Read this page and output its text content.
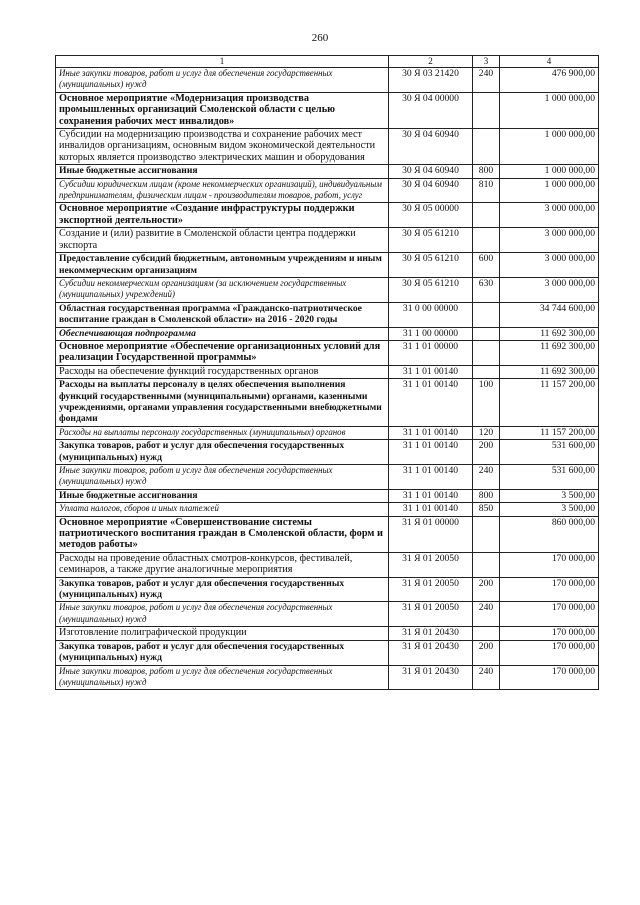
260
1	2	3	4
Иные закупки товаров, работ и услуг для обеспечения государственных (муниципальных) нужд	30 Я 03 21420	240	476 900,00
Основное мероприятие «Модернизация производства промышленных организаций Смоленской области с целью сохранения рабочих мест инвалидов»	30 Я 04 00000		1 000 000,00
Субсидии на модернизацию производства и сохранение рабочих мест инвалидов организациям, основным видом экономической деятельности которых является производство электрических машин и оборудования	30 Я 04 60940		1 000 000,00
Иные бюджетные ассигнования	30 Я 04 60940	800	1 000 000,00
Субсидии юридическим лицам (кроме некоммерческих организаций), индивидуальным предпринимателям, физическим лицам - производителям товаров, работ, услуг	30 Я 04 60940	810	1 000 000,00
Основное мероприятие «Создание инфраструктуры поддержки экспортной деятельности»	30 Я 05 00000		3 000 000,00
Создание и (или) развитие в Смоленской области центра поддержки экспорта	30 Я 05 61210		3 000 000,00
Предоставление субсидий бюджетным, автономным учреждениям и иным некоммерческим организациям	30 Я 05 61210	600	3 000 000,00
Субсидии некоммерческим организациям (за исключением государственных (муниципальных) учреждений)	30 Я 05 61210	630	3 000 000,00
Областная государственная программа «Гражданско-патриотическое воспитание граждан в Смоленской области» на 2016 - 2020 годы	31 0 00 00000		34 744 600,00
Обеспечивающая подпрограмма	31 1 00 00000		11 692 300,00
Основное мероприятие «Обеспечение организационных условий для реализации Государственной программы»	31 1 01 00000		11 692 300,00
Расходы на обеспечение функций государственных органов	31 1 01 00140		11 692 300,00
Расходы на выплаты персоналу в целях обеспечения выполнения функций государственными (муниципальными) органами, казенными учреждениями, органами управления государственными внебюджетными фондами	31 1 01 00140	100	11 157 200,00
Расходы на выплаты персоналу государственных (муниципальных) органов	31 1 01 00140	120	11 157 200,00
Закупка товаров, работ и услуг для обеспечения государственных (муниципальных) нужд	31 1 01 00140	200	531 600,00
Иные закупки товаров, работ и услуг для обеспечения государственных (муниципальных) нужд	31 1 01 00140	240	531 600,00
Иные бюджетные ассигнования	31 1 01 00140	800	3 500,00
Уплата налогов, сборов и иных платежей	31 1 01 00140	850	3 500,00
Основное мероприятие «Совершенствование системы патриотического воспитания граждан в Смоленской области, форм и методов работы»	31 Я 01 00000		860 000,00
Расходы на проведение областных смотров-конкурсов, фестивалей, семинаров, а также другие аналогичные мероприятия	31 Я 01 20050		170 000,00
Закупка товаров, работ и услуг для обеспечения государственных (муниципальных) нужд	31 Я 01 20050	200	170 000,00
Иные закупки товаров, работ и услуг для обеспечения государственных (муниципальных) нужд	31 Я 01 20050	240	170 000,00
Изготовление полиграфической продукции	31 Я 01 20430		170 000,00
Закупка товаров, работ и услуг для обеспечения государственных (муниципальных) нужд	31 Я 01 20430	200	170 000,00
Иные закупки товаров, работ и услуг для обеспечения государственных (муниципальных) нужд	31 Я 01 20430	240	170 000,00
